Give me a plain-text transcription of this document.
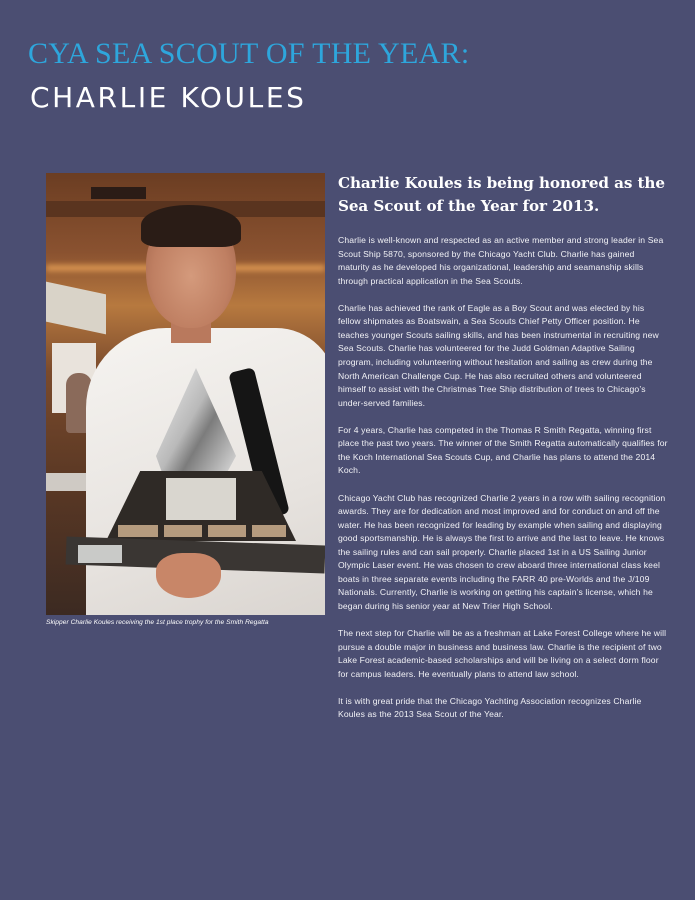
CYA SEA SCOUT OF THE YEAR:
CHARLIE KOULES
Skipper Charlie Koules receiving the 1st place trophy for the Smith Regatta
Charlie Koules is being honored as the Sea Scout of the Year for 2013.

Charlie is well-known and respected as an active member and strong leader in Sea Scout Ship 5870, sponsored by the Chicago Yacht Club. Charlie has gained maturity as he developed his organizational, leadership and seamanship skills through practical application in the Sea Scouts.

Charlie has achieved the rank of Eagle as a Boy Scout and was elected by his fellow shipmates as Boatswain, a Sea Scouts Chief Petty Officer position. He teaches younger Scouts sailing skills, and has been instrumental in recruiting new Sea Scouts. Charlie has volunteered for the Judd Goldman Adaptive Sailing program, including volunteering without hesitation and sailing as crew during the North American Challenge Cup. He has also recruited others and volunteered himself to assist with the Christmas Tree Ship distribution of trees to Chicago’s under-served families.

For 4 years, Charlie has competed in the Thomas R Smith Regatta, winning first place the past two years. The winner of the Smith Regatta automatically qualifies for the Koch International Sea Scouts Cup, and Charlie has plans to attend the 2014 Koch.

Chicago Yacht Club has recognized Charlie 2 years in a row with sailing recognition awards. They are for dedication and most improved and for conduct on and off the water. He has been recognized for leading by example when sailing and displaying good sportsmanship. He is always the first to arrive and the last to leave. He knows the sailing rules and can sail properly. Charlie placed 1st in a US Sailing Junior Olympic Laser event. He was chosen to crew aboard three international class keel boats in three separate events including the FARR 40 pre-Worlds and the J/109 Nationals. Currently, Charlie is working on getting his captain’s license, which he began during his senior year at New Trier High School.

The next step for Charlie will be as a freshman at Lake Forest College where he will pursue a double major in business and business law. Charlie is the recipient of two Lake Forest academic-based scholarships and will be living on a select dorm floor for campus leaders. He eventually plans to attend law school.

It is with great pride that the Chicago Yachting Association recognizes Charlie Koules as the 2013 Sea Scout of the Year.
